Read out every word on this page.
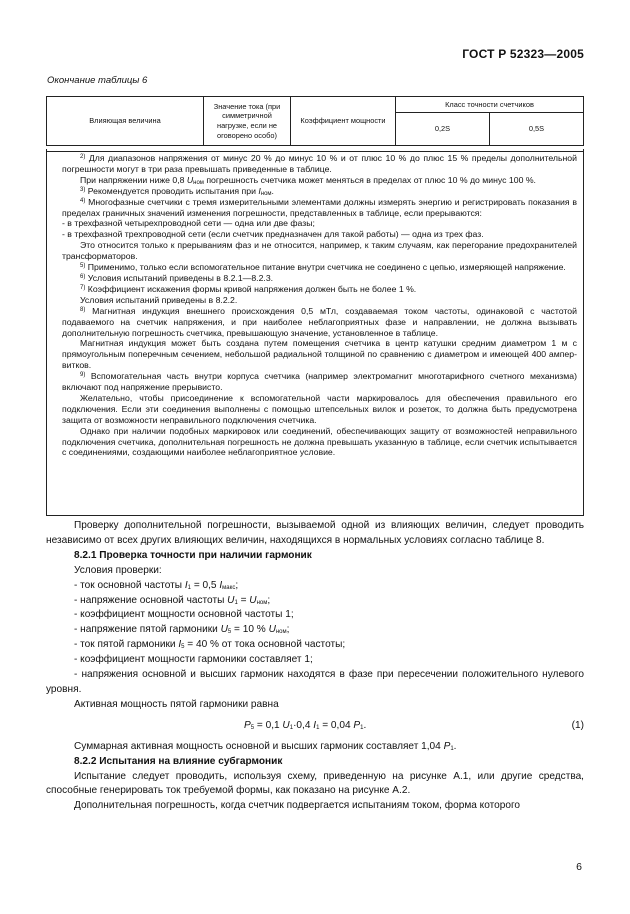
ГОСТ Р 52323—2005
Окончание таблицы 6
Влияющая величина	Значение тока (при симметричной нагрузке, если не оговорено особо)	Коэффициент мощности	Класс точности счетчиков	
			0,2S	0,5S

$^{2)}$ Для диапазонов напряжения от минус 20 % до минус 10 % и от плюс 10 % до плюс 15 % пределы дополнительной погрешности могут в три раза превышать приведенные в таблице.

При напряжении ниже 0,8 $U_{ном}$ погрешность счетчика может меняться в пределах от плюс 10 % до минус 100 %.

$^{3)}$ Рекомендуется проводить испытания при $I_{ном}$.

$^{4)}$ Многофазные счетчики с тремя измерительными элементами должны измерять энергию и регистрировать показания в пределах граничных значений изменения погрешности, представленных в таблице, если прерываются:

- в трехфазной четырехпроводной сети — одна или две фазы;

- в трехфазной трехпроводной сети (если счетчик предназначен для такой работы) — одна из трех фаз.

Это относится только к прерываниям фаз и не относится, например, к таким случаям, как перегорание предохранителей трансформаторов.

$^{5)}$ Применимо, только если вспомогательное питание внутри счетчика не соединено с цепью, измеряющей напряжение.

$^{6)}$ Условия испытаний приведены в 8.2.1—8.2.3.

$^{7)}$ Коэффициент искажения формы кривой напряжения должен быть не более 1 %.

Условия испытаний приведены в 8.2.2.

$^{8)}$ Магнитная индукция внешнего происхождения 0,5 мТл, создаваемая током частоты, одинаковой с частотой подаваемого на счетчик напряжения, и при наиболее неблагоприятных фазе и направлении, не должна вызывать дополнительную погрешность счетчика, превышающую значение, установленное в таблице.

Магнитная индукция может быть создана путем помещения счетчика в центр катушки средним диаметром 1 м с прямоугольным поперечным сечением, небольшой радиальной толщиной по сравнению с диаметром и имеющей 400 ампер-витков.

$^{9)}$ Вспомогательная часть внутри корпуса счетчика (например электромагнит многотарифного счетного механизма) включают под напряжение прерывисто.

Желательно, чтобы присоединение к вспомогательной части маркировалось для обеспечения правильного его подключения. Если эти соединения выполнены с помощью штепсельных вилок и розеток, то должна быть предусмотрена защита от возможности неправильного подключения счетчика.

Однако при наличии подобных маркировок или соединений, обеспечивающих защиту от возможностей неправильного подключения счетчика, дополнительная погрешность не должна превышать указанную в таблице, если счетчик испытывается с соединениями, создающими наиболее неблагоприятное условие.

Проверку дополнительной погрешности, вызываемой одной из влияющих величин, следует проводить независимо от всех других влияющих величин, находящихся в нормальных условиях согласно таблице 8.

8.2.1 Проверка точности при наличии гармоник

Условия проверки:

- ток основной частоты $I_1 = 0,5$ $I_{макс}$;

- напряжение основной частоты $U_1 = U_{ном}$;

- коэффициент мощности основной частоты 1;

- напряжение пятой гармоники $U_5 = 10$ % $U_{ном}$;

- ток пятой гармоники $I_5 = 40$ % от тока основной частоты;

- коэффициент мощности гармоники составляет 1;

- напряжения основной и высших гармоник находятся в фазе при пересечении положительного нулевого уровня.

Активная мощность пятой гармоники равна

$P_5 = 0,1$ $U_1\cdot 0,4$ $I_1 = 0,04$ $P_1$.	(1)

Суммарная активная мощность основной и высших гармоник составляет 1,04 $P_1$.

8.2.2 Испытания на влияние субгармоник

Испытание следует проводить, используя схему, приведенную на рисунке А.1, или другие средства, способные генерировать ток требуемой формы, как показано на рисунке А.2.

Дополнительная погрешность, когда счетчик подвергается испытаниям током, форма которого

6
